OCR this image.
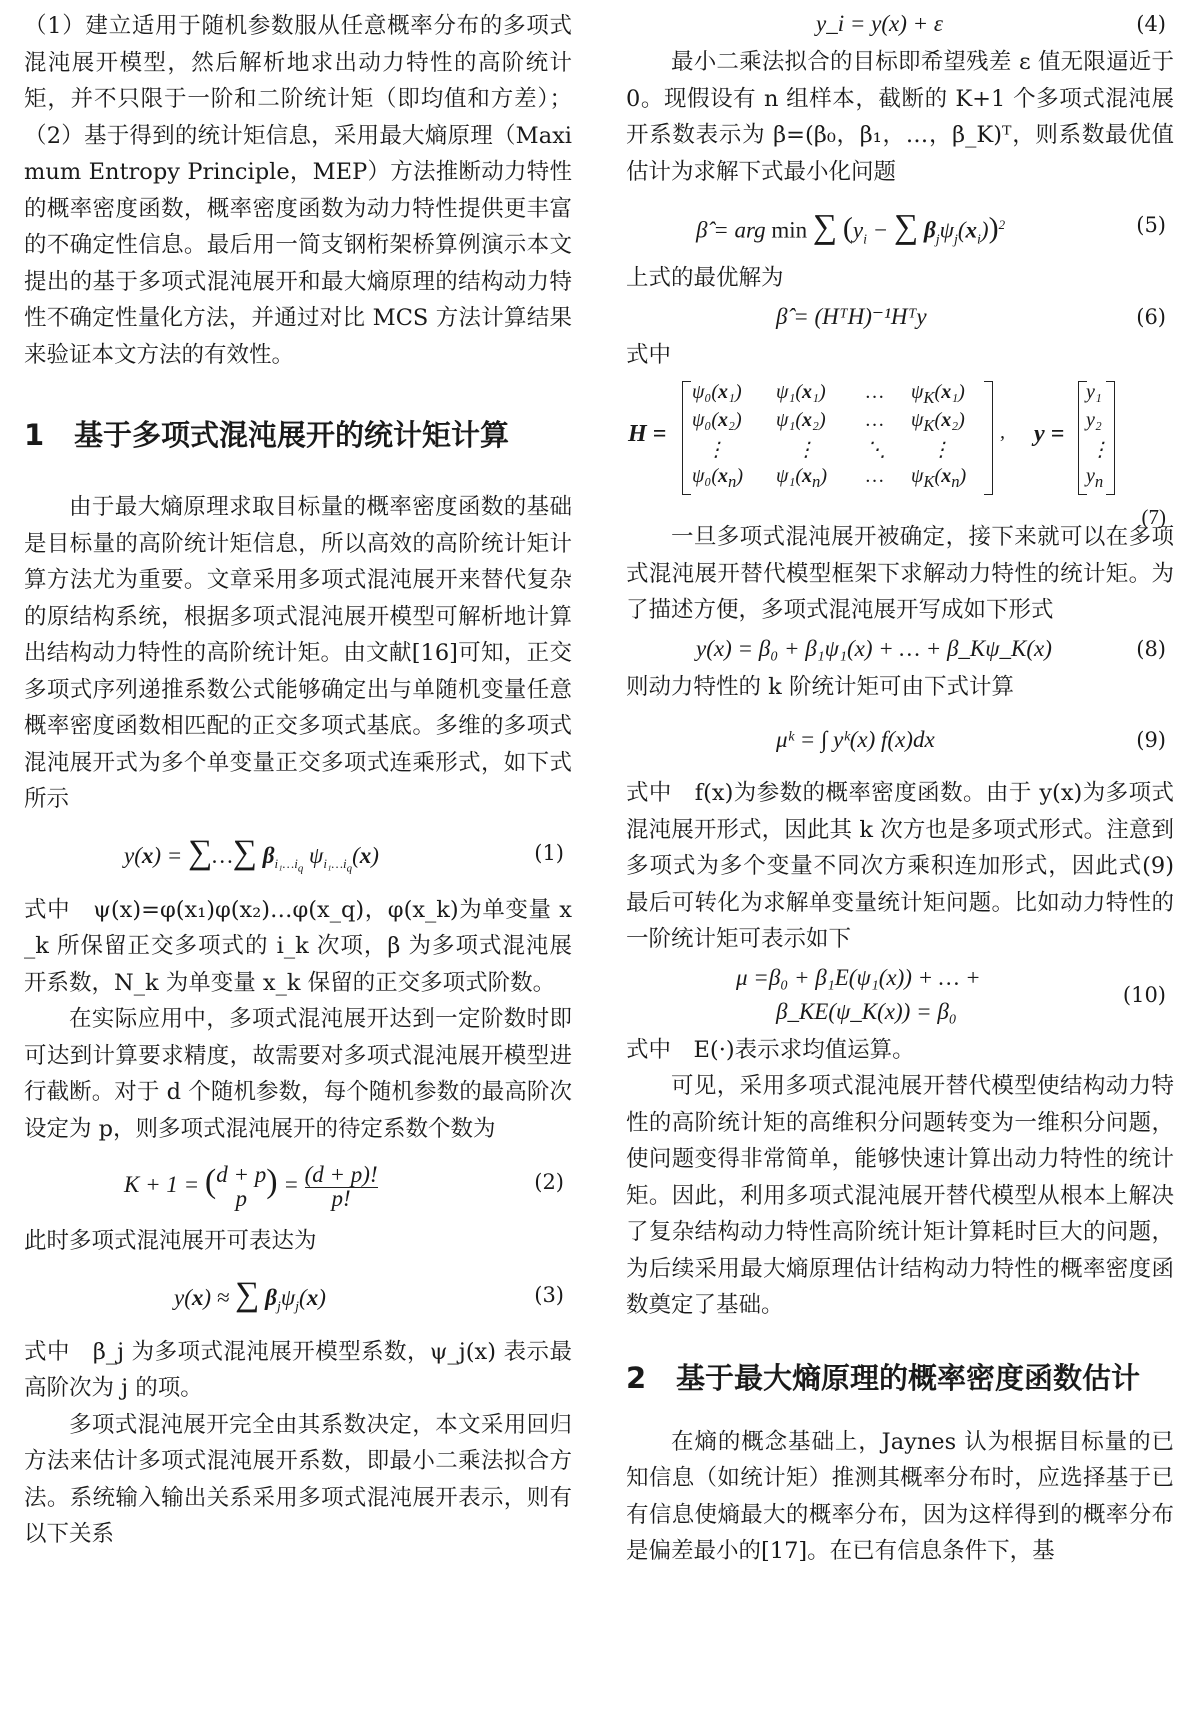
（1）建立适用于随机参数服从任意概率分布的多项式混沌展开模型，然后解析地求出动力特性的高阶统计矩，并不只限于一阶和二阶统计矩（即均值和方差）；（2）基于得到的统计矩信息，采用最大熵原理（Maximum Entropy Principle，MEP）方法推断动力特性的概率密度函数，概率密度函数为动力特性提供更丰富的不确定性信息。最后用一简支钢桁架桥算例演示本文提出的基于多项式混沌展开和最大熵原理的结构动力特性不确定性量化方法，并通过对比 MCS 方法计算结果来验证本文方法的有效性。

1 基于多项式混沌展开的统计矩计算

由于最大熵原理求取目标量的概率密度函数的基础是目标量的高阶统计矩信息，所以高效的高阶统计矩计算方法尤为重要。文章采用多项式混沌展开来替代复杂的原结构系统，根据多项式混沌展开模型可解析地计算出结构动力特性的高阶统计矩。由文献[16]可知，正交多项式序列递推系数公式能够确定出与单随机变量任意概率密度函数相匹配的正交多项式基底。多维的多项式混沌展开式为多个单变量正交多项式连乘形式，如下式所示

y(x) = ∑…∑ $\beta_{i_1\dots i_q}$ $\psi_{i_1\dots i_q}(x)$	(1)

式中　ψ(x)=φ(x₁)φ(x₂)…φ(x_q)，φ(x_k)为单变量 x_k 所保留正交多项式的 i_k 次项，β 为多项式混沌展开系数，N_k 为单变量 x_k 保留的正交多项式阶数。

在实际应用中，多项式混沌展开达到一定阶数时即可达到计算要求精度，故需要对多项式混沌展开模型进行截断。对于 d 个随机参数，每个随机参数的最高阶次设定为 p，则多项式混沌展开的待定系数个数为

K + 1 = (d + p
p ) = (d + p)!
p!
(2)

此时多项式混沌展开可表达为

y(x) ≈ ∑ $\beta_j\psi_j(x)$	(3)

式中　β_j 为多项式混沌展开模型系数，ψ_j(x) 表示最高阶次为 j 的项。

多项式混沌展开完全由其系数决定，本文采用回归方法来估计多项式混沌展开系数，即最小二乘法拟合方法。系统输入输出关系采用多项式混沌展开表示，则有以下关系

y_i = y(x) + ε	(4)

最小二乘法拟合的目标即希望残差 ε 值无限逼近于 0。现假设有 n 组样本，截断的 K+1 个多项式混沌展开系数表示为 β=(β₀，β₁，…，β_K)ᵀ，则系数最优值估计为求解下式最小化问题

β̂ = arg min ∑ ($y_i$ − ∑ $\beta_j\psi_j(x_i))^2$	(5)

上式的最优解为

β̂ = (HᵀH)⁻¹Hᵀy	(6)

式中

H =
ψ₀(x₁) ψ₁(x₁) … $\psi_K(x_1)$
ψ₀(x₂) ψ₁(x₂) … $\psi_K(x_2)$
⋮	⋮	⋱ ⋮
$\psi_0(x_n)$ $\psi_1(x_n)$ … $\psi_K(x_n)$
, y =
y₁
y₂
⋮
$y_n$
(7)

一旦多项式混沌展开被确定，接下来就可以在多项式混沌展开替代模型框架下求解动力特性的统计矩。为了描述方便，多项式混沌展开写成如下形式

y(x) = β₀ + β₁ψ₁(x) + … + β_Kψ_K(x)	(8)

则动力特性的 k 阶统计矩可由下式计算

μᵏ = ∫ yᵏ(x) f(x)dx	(9)

式中　f(x)为参数的概率密度函数。由于 y(x)为多项式混沌展开形式，因此其 k 次方也是多项式形式。注意到多项式为多个变量不同次方乘积连加形式，因此式(9)最后可转化为求解单变量统计矩问题。比如动力特性的一阶统计矩可表示如下

μ =β₀ + β₁E(ψ₁(x)) + … +
β_KE(ψ_K(x)) = β₀
(10)

式中　E(·)表示求均值运算。

可见，采用多项式混沌展开替代模型使结构动力特性的高阶统计矩的高维积分问题转变为一维积分问题，使问题变得非常简单，能够快速计算出动力特性的统计矩。因此，利用多项式混沌展开替代模型从根本上解决了复杂结构动力特性高阶统计矩计算耗时巨大的问题，为后续采用最大熵原理估计结构动力特性的概率密度函数奠定了基础。

2 基于最大熵原理的概率密度函数估计

在熵的概念基础上，Jaynes 认为根据目标量的已知信息（如统计矩）推测其概率分布时，应选择基于已有信息使熵最大的概率分布，因为这样得到的概率分布是偏差最小的[17]。在已有信息条件下，基
